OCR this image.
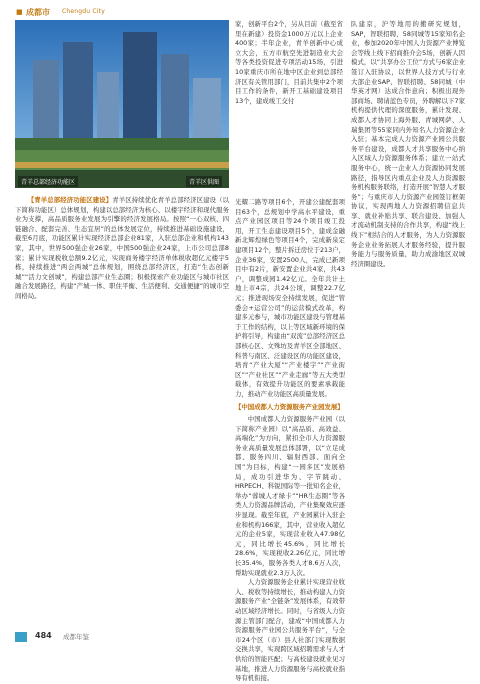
■ 成都市 Chengdu City
青羊总部经济功能区	青羊区供图

【青羊总部经济功能区建设】青羊区持续优化青羊总部经济区建设（以下简称功能区）总体规划，构建以总部经济为核心、以楼宇经济和现代服务业为支撑，高品质服务业发展为引擎的经济发展格局。按照“一心双核、四链融合、配套完善、生态宜居”的总体发展定位，持续推进基础设施建设，截至6月底，功能区累计实现经济总部企业81家，入驻总部企业和机构143家，其中，世界500强企业26家，中国500强企业24家，上市公司总部8家；累计实现税收总额9.2亿元，实现商务楼宇经济单体税收超亿元楼宇5栋，持续推进“两会两城”总体规划，围绕总部经济区，打造“生态创新城”“活力文创城”，构建总部产业生态圈；积极探索产业功能区与城市社区融合发展路径，构建“产城一体、职住平衡、生活便利、交通便捷”的城市空间格局。

家，创新平台2个，另从目前（截至省里在新建）投资金1000万元以上企业400家；半年企业，青羊创新中心成立大会，五方市航空先进制造业大会等各类投资促进专项活动15场，引进10家重庆市所在地中区企业到总部经济区有关管用部门，目前共集中2个项目工作的条件，新开工基础建设项目13个，建成竣工交付

光耀二路等项目6个，开建公建配套项目63个，总规划中学高水平建设，重点产业园区项目等24个项目竣工投用，开工生态建设项目5个，建成金融新北辉煌绿色等项目4个，完成新泉定建项目12个，整片拆迁房位于213户，企业36家，安置2500人，完成已新项目中有2片，新安置企业共4家，共43户，调整成园1.42亿元。全年共计土地上市4宗，共24公顷，调整22.7亿元；推进现场安全持续发展，促进“管委会+运营公司”的运营模式改革，构建多元参与，城市功能区建设与管理基于工作的结构，以上等区域新环境的保护将引导，构建由“双流”总部经济区总部核心区、文殊坊及青羊区全部地区、科普与南区、泛建设区的功能区建设，培育“产业大厦”“产业楼宇”“产业街区”“产业社区”“产业走廊”等五大类型载体，有效提升功能区的要素承载能力，推动产业功能区高质量发展。

【中国成都人力资源服务产业园发展】

中国成都人力资源服务产业园（以下简称产业园）以“高品质、高效益、高端化”为方向，紧扣全市人力资源服务业高质量发展总体部署，以“立足成都、服务四川、辐射西部、面向全国”为目标，构建“一园多区”发展格局，成功引进华为、字节跳动、HRPECH、科锐国际等一批知名企业，举办“蓉城人才绿卡”“HR生态圈”等各类人力资源品牌活动，产业集聚效应逐步显现。截至年底，产业园累计入驻企业和机构166家，其中，营业收入超亿元的企业5家，实现营业收入47.98亿元，同比增长45.6%，同比增长28.6%，实现税收2.26亿元，同比增长35.4%，服务各类人才8.6万人次，帮助实现就业2.3万人次。

人力资源服务企业累计实现营业收入、税收等持续增长，推动构建人力资源服务产业“全链条”发展体系，有效带动区域经济增长。同时，与省级人力资源主管部门配合，建成“中国成都人力资源服务产业园公共服务平台”，与全市24个区（市）县人社部门实现数据交换共享，实现跨区域招聘需求与人才供给的智能匹配；与高校建设就业见习基地，推进人力资源服务与高校就业指导有机衔接。

队建京，沪等地用的搬研究规划，SAP，智联招聘，58同城等15家知名企业，参加2020年中国人力资源产业博览会等线上线下招商推介会5场，创新人因模式，以“共享办公工位”方式与6家企业签订入驻协议，以世界人技方式与行业大部企业SAP、智联招聘、58同城（中华英才网）达成合作意向；积极出现外部商场、聘请蓝色专员，外聘解以下7家机构提供代理的深度服务，累计发现、成都人才协同上海外服、青城网萨、人瑞集团等55家同内外知名人力资源企业入驻；基本完成人力资源产业园公共服务平台建设，成都人才共享服务中心纳入区域人力资源服务体系；建立一站式服务中心，统一企业人力资源协同发展路径，指导区内重点企业及人力资源服务机构服务联络，打造开展“智慧人才服务”；与重庆市人力资源产业园签订框架协议，实现两地人力资源招聘信息共享、就业补贴共享、联合建设、加强人才流动机制支持的合作共享，构建“线上线下”相结合的人才服务，为人力资源服务企业业务拓展人才服务经验，提升服务能力与服务质量，助力成渝地区双城经济圈建设。

484 成都年鉴
